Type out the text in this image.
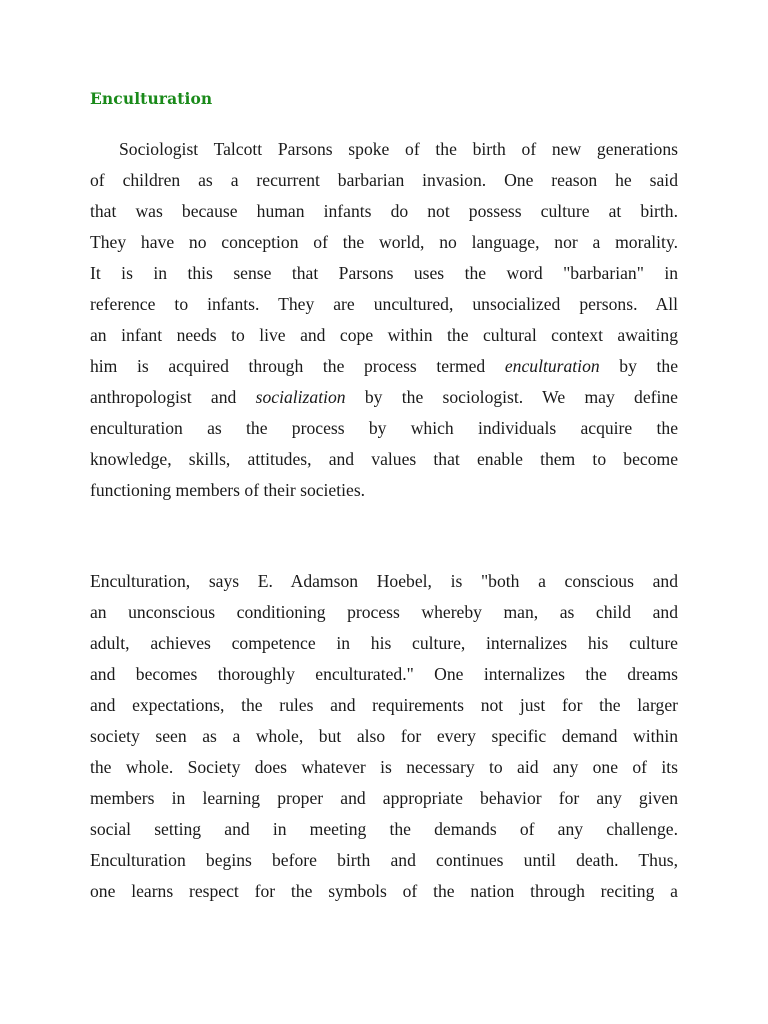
Enculturation
Sociologist Talcott Parsons spoke of the birth of new generations
of children as a recurrent barbarian invasion. One reason he said
that was because human infants do not possess culture at birth.
They have no conception of the world, no language, nor a morality.
It is in this sense that Parsons uses the word "barbarian" in
reference to infants. They are uncultured, unsocialized persons. All
an infant needs to live and cope within the cultural context awaiting
him is acquired through the process termed enculturation by the
anthropologist and socialization by the sociologist. We may define
enculturation as the process by which individuals acquire the
knowledge, skills, attitudes, and values that enable them to become
functioning members of their societies.
Enculturation, says E. Adamson Hoebel, is "both a conscious and
an unconscious conditioning process whereby man, as child and
adult, achieves competence in his culture, internalizes his culture
and becomes thoroughly enculturated." One internalizes the dreams
and expectations, the rules and requirements not just for the larger
society seen as a whole, but also for every specific demand within
the whole. Society does whatever is necessary to aid any one of its
members in learning proper and appropriate behavior for any given
social setting and in meeting the demands of any challenge.
Enculturation begins before birth and continues until death. Thus,
one learns respect for the symbols of the nation through reciting a
